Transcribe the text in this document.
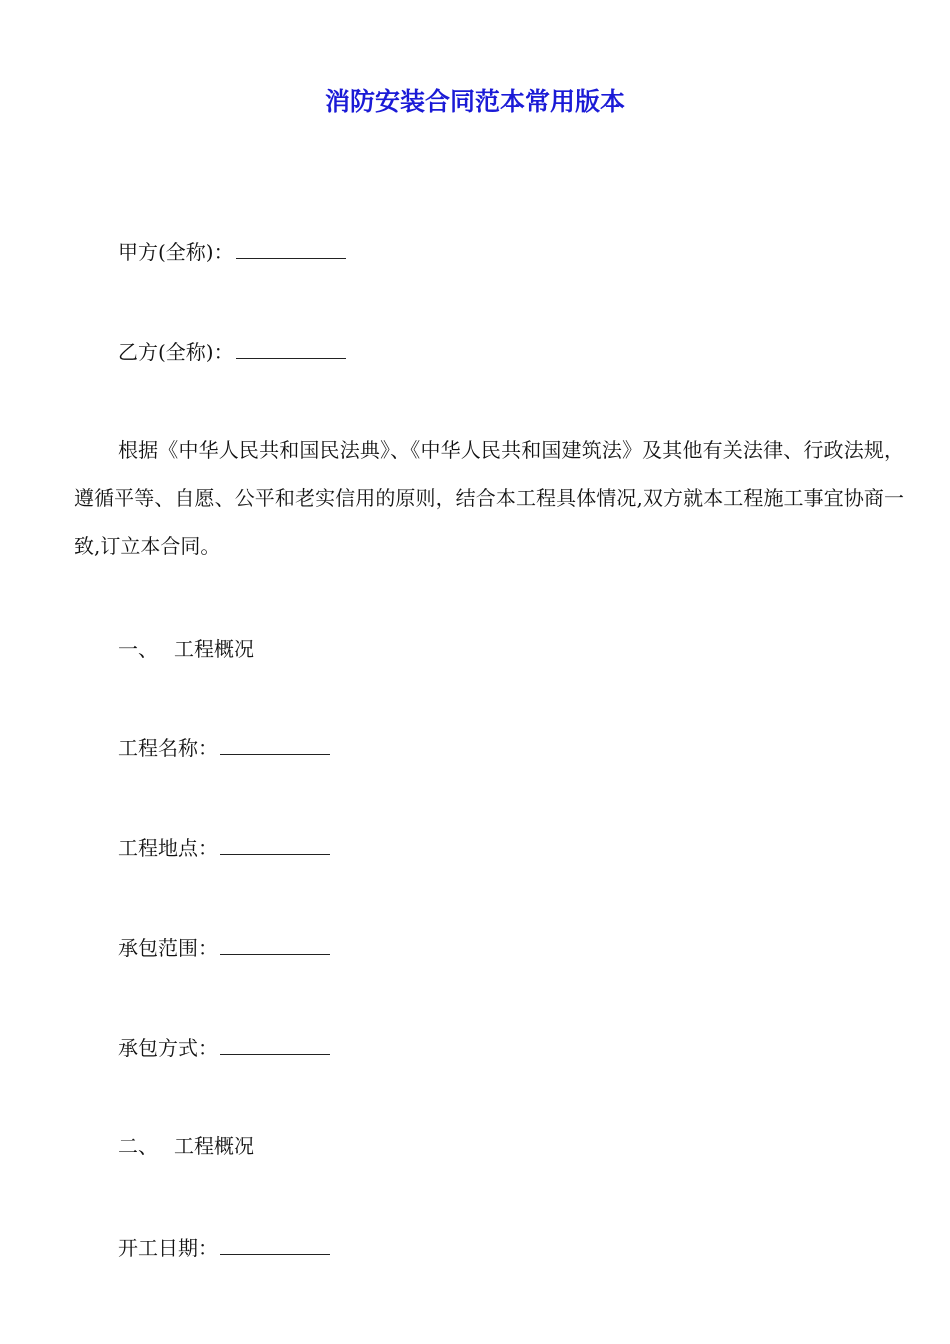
消防安装合同范本常用版本
甲方(全称)：
乙方(全称)：
根据《中华人民共和国民法典》、《中华人民共和国建筑法》及其他有关法律、行政法规，遵循平等、自愿、公平和老实信用的原则，结合本工程具体情况,双方就本工程施工事宜协商一致,订立本合同。
一、 工程概况
工程名称：
工程地点：
承包范围：
承包方式：
二、 工程概况
开工日期：
